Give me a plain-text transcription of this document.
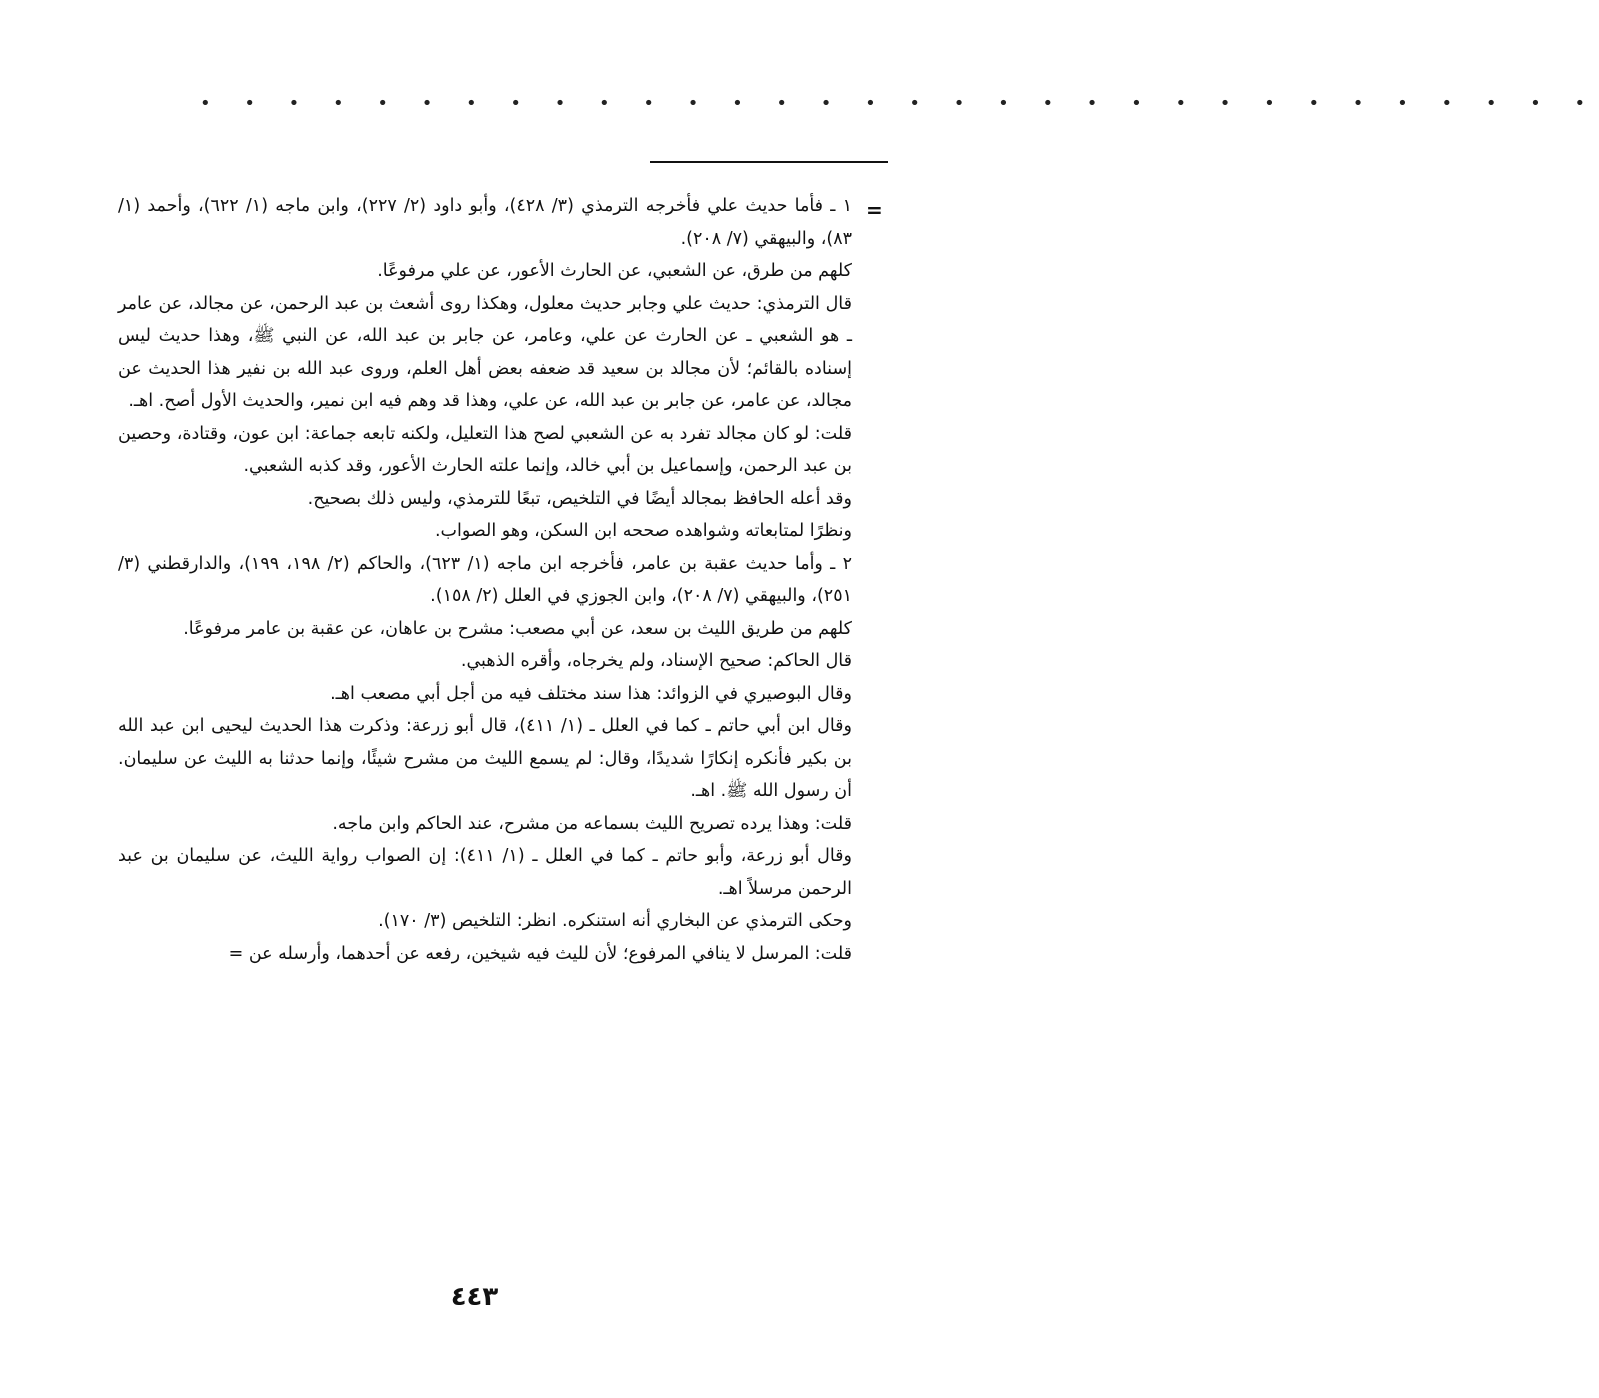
• • • • • • • • • • • • • • • • • • • • • • • • • • • • • • • •
=

١ ـ فأما حديث علي فأخرجه الترمذي (٣/ ٤٢٨)، وأبو داود (٢/ ٢٢٧)، وابن ماجه (١/ ٦٢٢)، وأحمد (١/ ٨٣)، والبيهقي (٧/ ٢٠٨).

كلهم من طرق، عن الشعبي، عن الحارث الأعور، عن علي مرفوعًا.

قال الترمذي: حديث علي وجابر حديث معلول، وهكذا روى أشعث بن عبد الرحمن، عن مجالد، عن عامر ـ هو الشعبي ـ عن الحارث عن علي، وعامر، عن جابر بن عبد الله، عن النبي ﷺ، وهذا حديث ليس إسناده بالقائم؛ لأن مجالد بن سعيد قد ضعفه بعض أهل العلم، وروى عبد الله بن نفير هذا الحديث عن مجالد، عن عامر، عن جابر بن عبد الله، عن علي، وهذا قد وهم فيه ابن نمير، والحديث الأول أصح. اهـ.

قلت: لو كان مجالد تفرد به عن الشعبي لصح هذا التعليل، ولكنه تابعه جماعة: ابن عون، وقتادة، وحصين بن عبد الرحمن، وإسماعيل بن أبي خالد، وإنما علته الحارث الأعور، وقد كذبه الشعبي.

وقد أعله الحافظ بمجالد أيضًا في التلخيص، تبعًا للترمذي، وليس ذلك بصحيح.

ونظرًا لمتابعاته وشواهده صححه ابن السكن، وهو الصواب.

٢ ـ وأما حديث عقبة بن عامر، فأخرجه ابن ماجه (١/ ٦٢٣)، والحاكم (٢/ ١٩٨، ١٩٩)، والدارقطني (٣/ ٢٥١)، والبيهقي (٧/ ٢٠٨)، وابن الجوزي في العلل (٢/ ١٥٨).

كلهم من طريق الليث بن سعد، عن أبي مصعب: مشرح بن عاهان، عن عقبة بن عامر مرفوعًا.

قال الحاكم: صحيح الإسناد، ولم يخرجاه، وأقره الذهبي.

وقال البوصيري في الزوائد: هذا سند مختلف فيه من أجل أبي مصعب اهـ.

وقال ابن أبي حاتم ـ كما في العلل ـ (١/ ٤١١)، قال أبو زرعة: وذكرت هذا الحديث ليحيى ابن عبد الله بن بكير فأنكره إنكارًا شديدًا، وقال: لم يسمع الليث من مشرح شيئًا، وإنما حدثنا به الليث عن سليمان. أن رسول الله ﷺ. اهـ.

قلت: وهذا يرده تصريح الليث بسماعه من مشرح، عند الحاكم وابن ماجه.

وقال أبو زرعة، وأبو حاتم ـ كما في العلل ـ (١/ ٤١١): إن الصواب رواية الليث، عن سليمان بن عبد الرحمن مرسلاً اهـ.

وحكى الترمذي عن البخاري أنه استنكره. انظر: التلخيص (٣/ ١٧٠).

قلت: المرسل لا ينافي المرفوع؛ لأن لليث فيه شيخين، رفعه عن أحدهما، وأرسله عن =

٤٤٣
